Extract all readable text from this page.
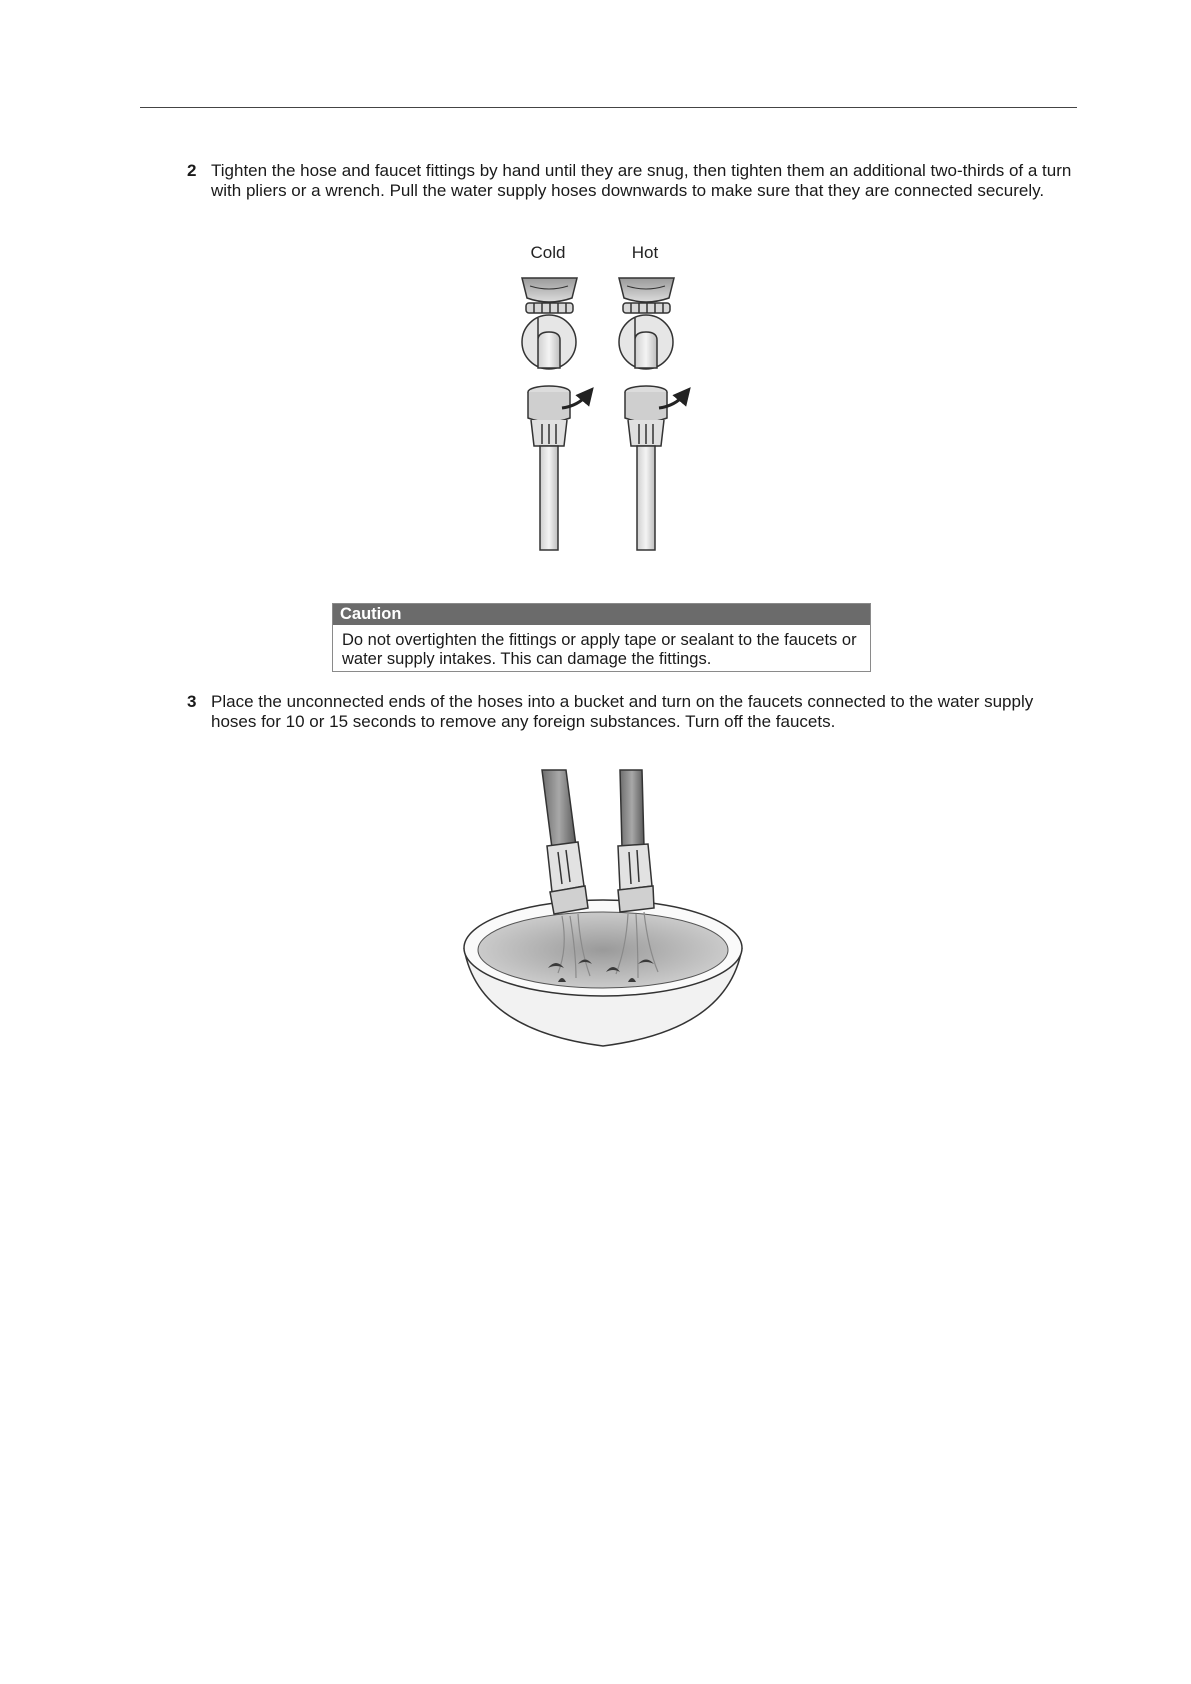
2 Tighten the hose and faucet fittings by hand until they are snug, then tighten them an additional two-thirds of a turn with pliers or a wrench. Pull the water supply hoses downwards to make sure that they are connected securely.
Cold	Hot
Caution
Do not overtighten the fittings or apply tape or sealant to the faucets or water supply intakes. This can damage the fittings.
3 Place the unconnected ends of the hoses into a bucket and turn on the faucets connected to the water supply hoses for 10 or 15 seconds to remove any foreign substances. Turn off the faucets.
